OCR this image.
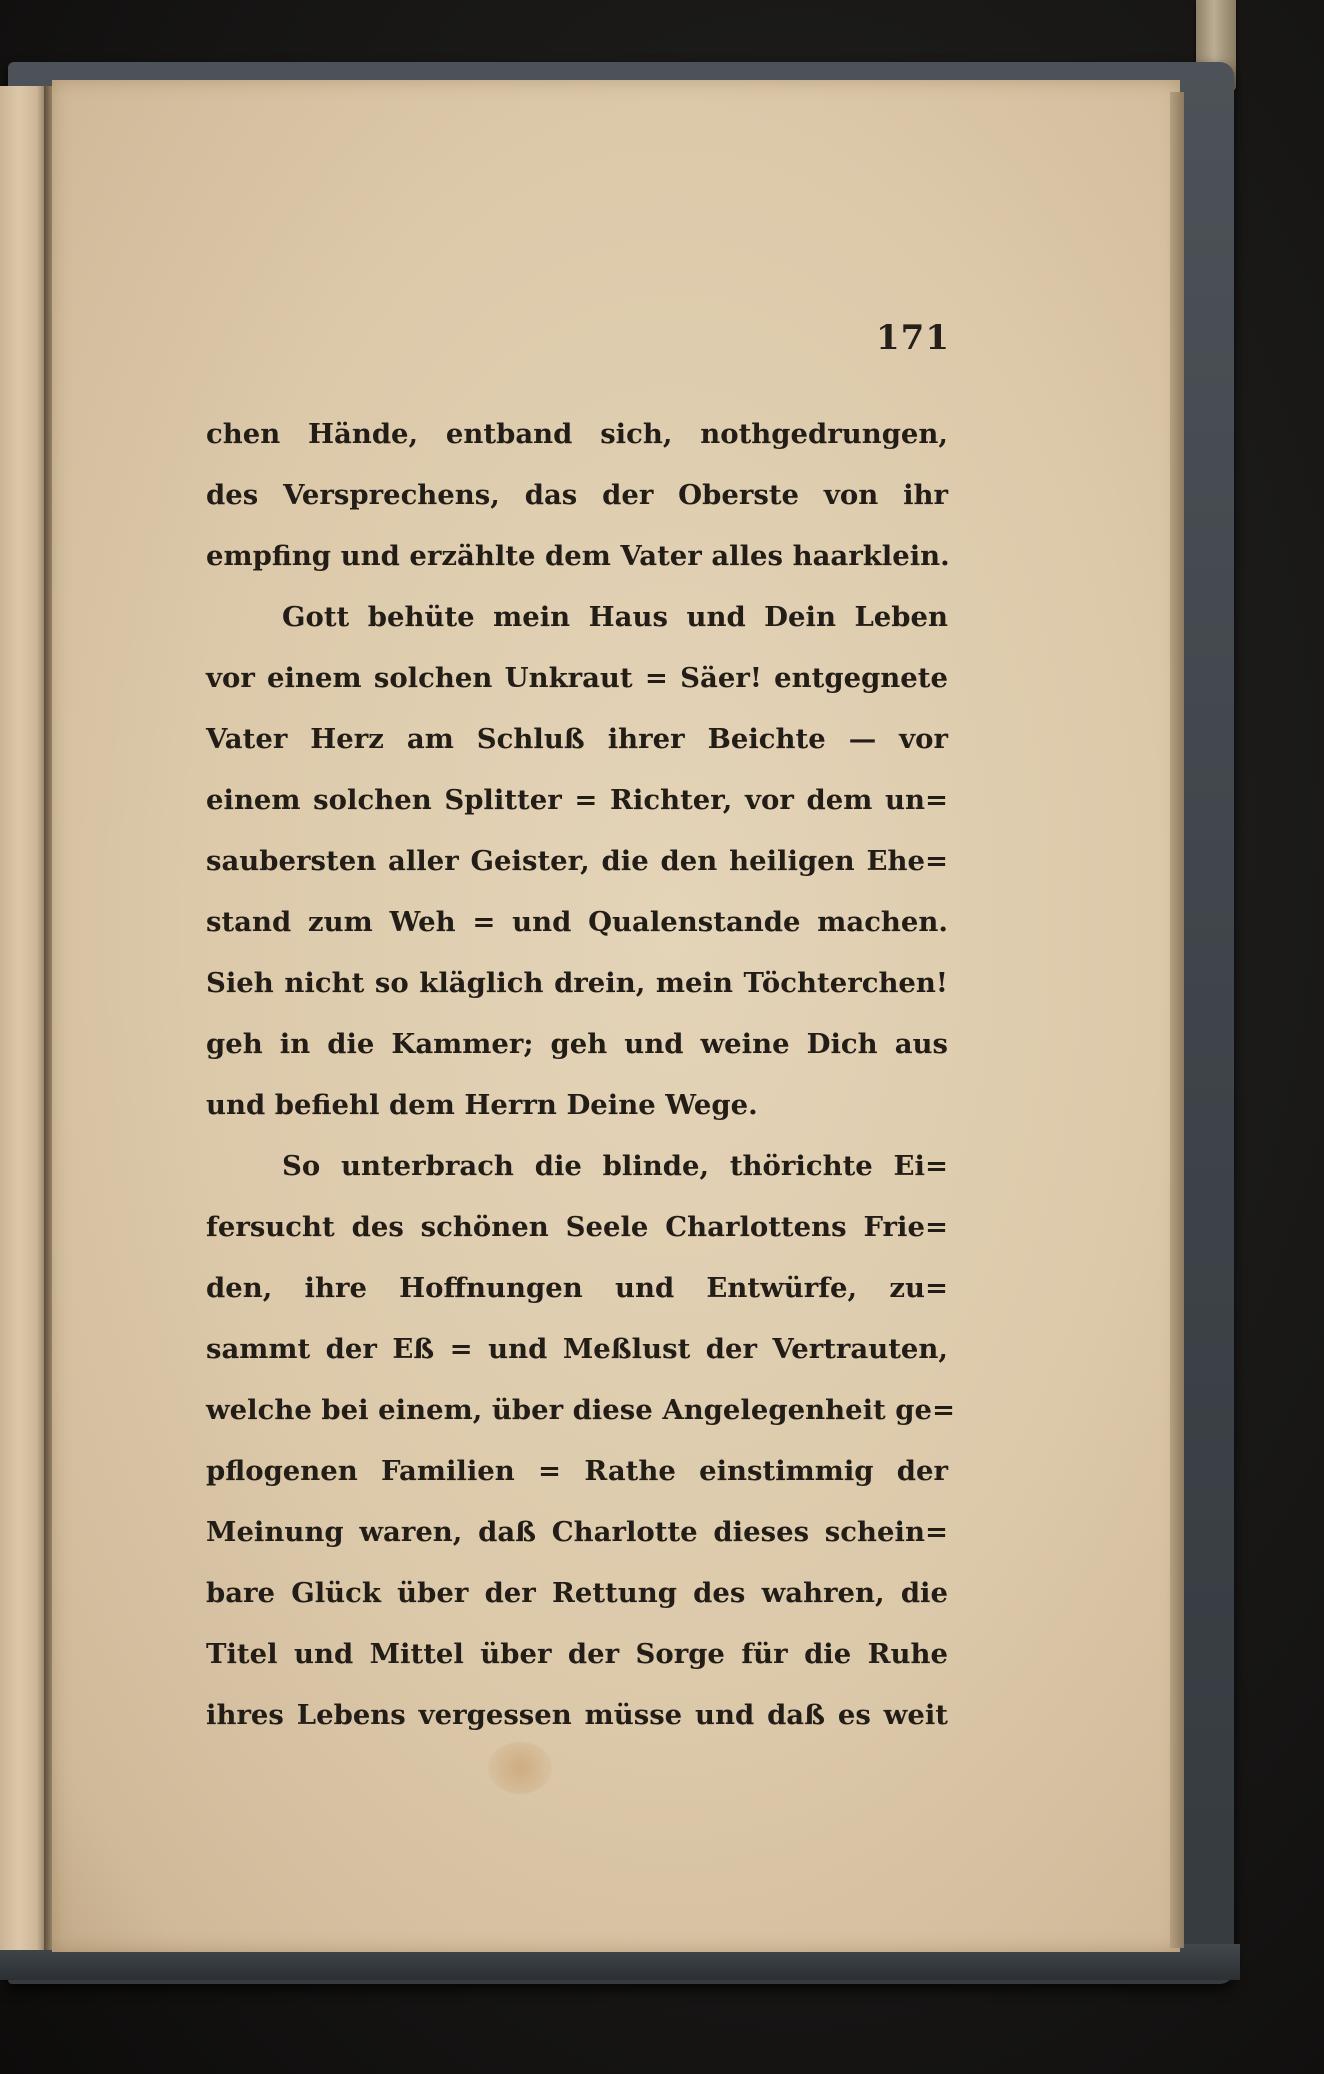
171
chen Hände, entband sich, nothgedrungen,
des Versprechens, das der Oberste von ihr
empfing und erzählte dem Vater alles haarklein.
Gott behüte mein Haus und Dein Leben
vor einem solchen Unkraut = Säer! entgegnete
Vater Herz am Schluß ihrer Beichte — vor
einem solchen Splitter = Richter, vor dem un=
saubersten aller Geister, die den heiligen Ehe=
stand zum Weh = und Qualenstande machen.
Sieh nicht so kläglich drein, mein Töchterchen!
geh in die Kammer; geh und weine Dich aus
und befiehl dem Herrn Deine Wege.
So unterbrach die blinde, thörichte Ei=
fersucht des schönen Seele Charlottens Frie=
den, ihre Hoffnungen und Entwürfe, zu=
sammt der Eß = und Meßlust der Vertrauten,
welche bei einem, über diese Angelegenheit ge=
pflogenen Familien = Rathe einstimmig der
Meinung waren, daß Charlotte dieses schein=
bare Glück über der Rettung des wahren, die
Titel und Mittel über der Sorge für die Ruhe
ihres Lebens vergessen müsse und daß es weit
